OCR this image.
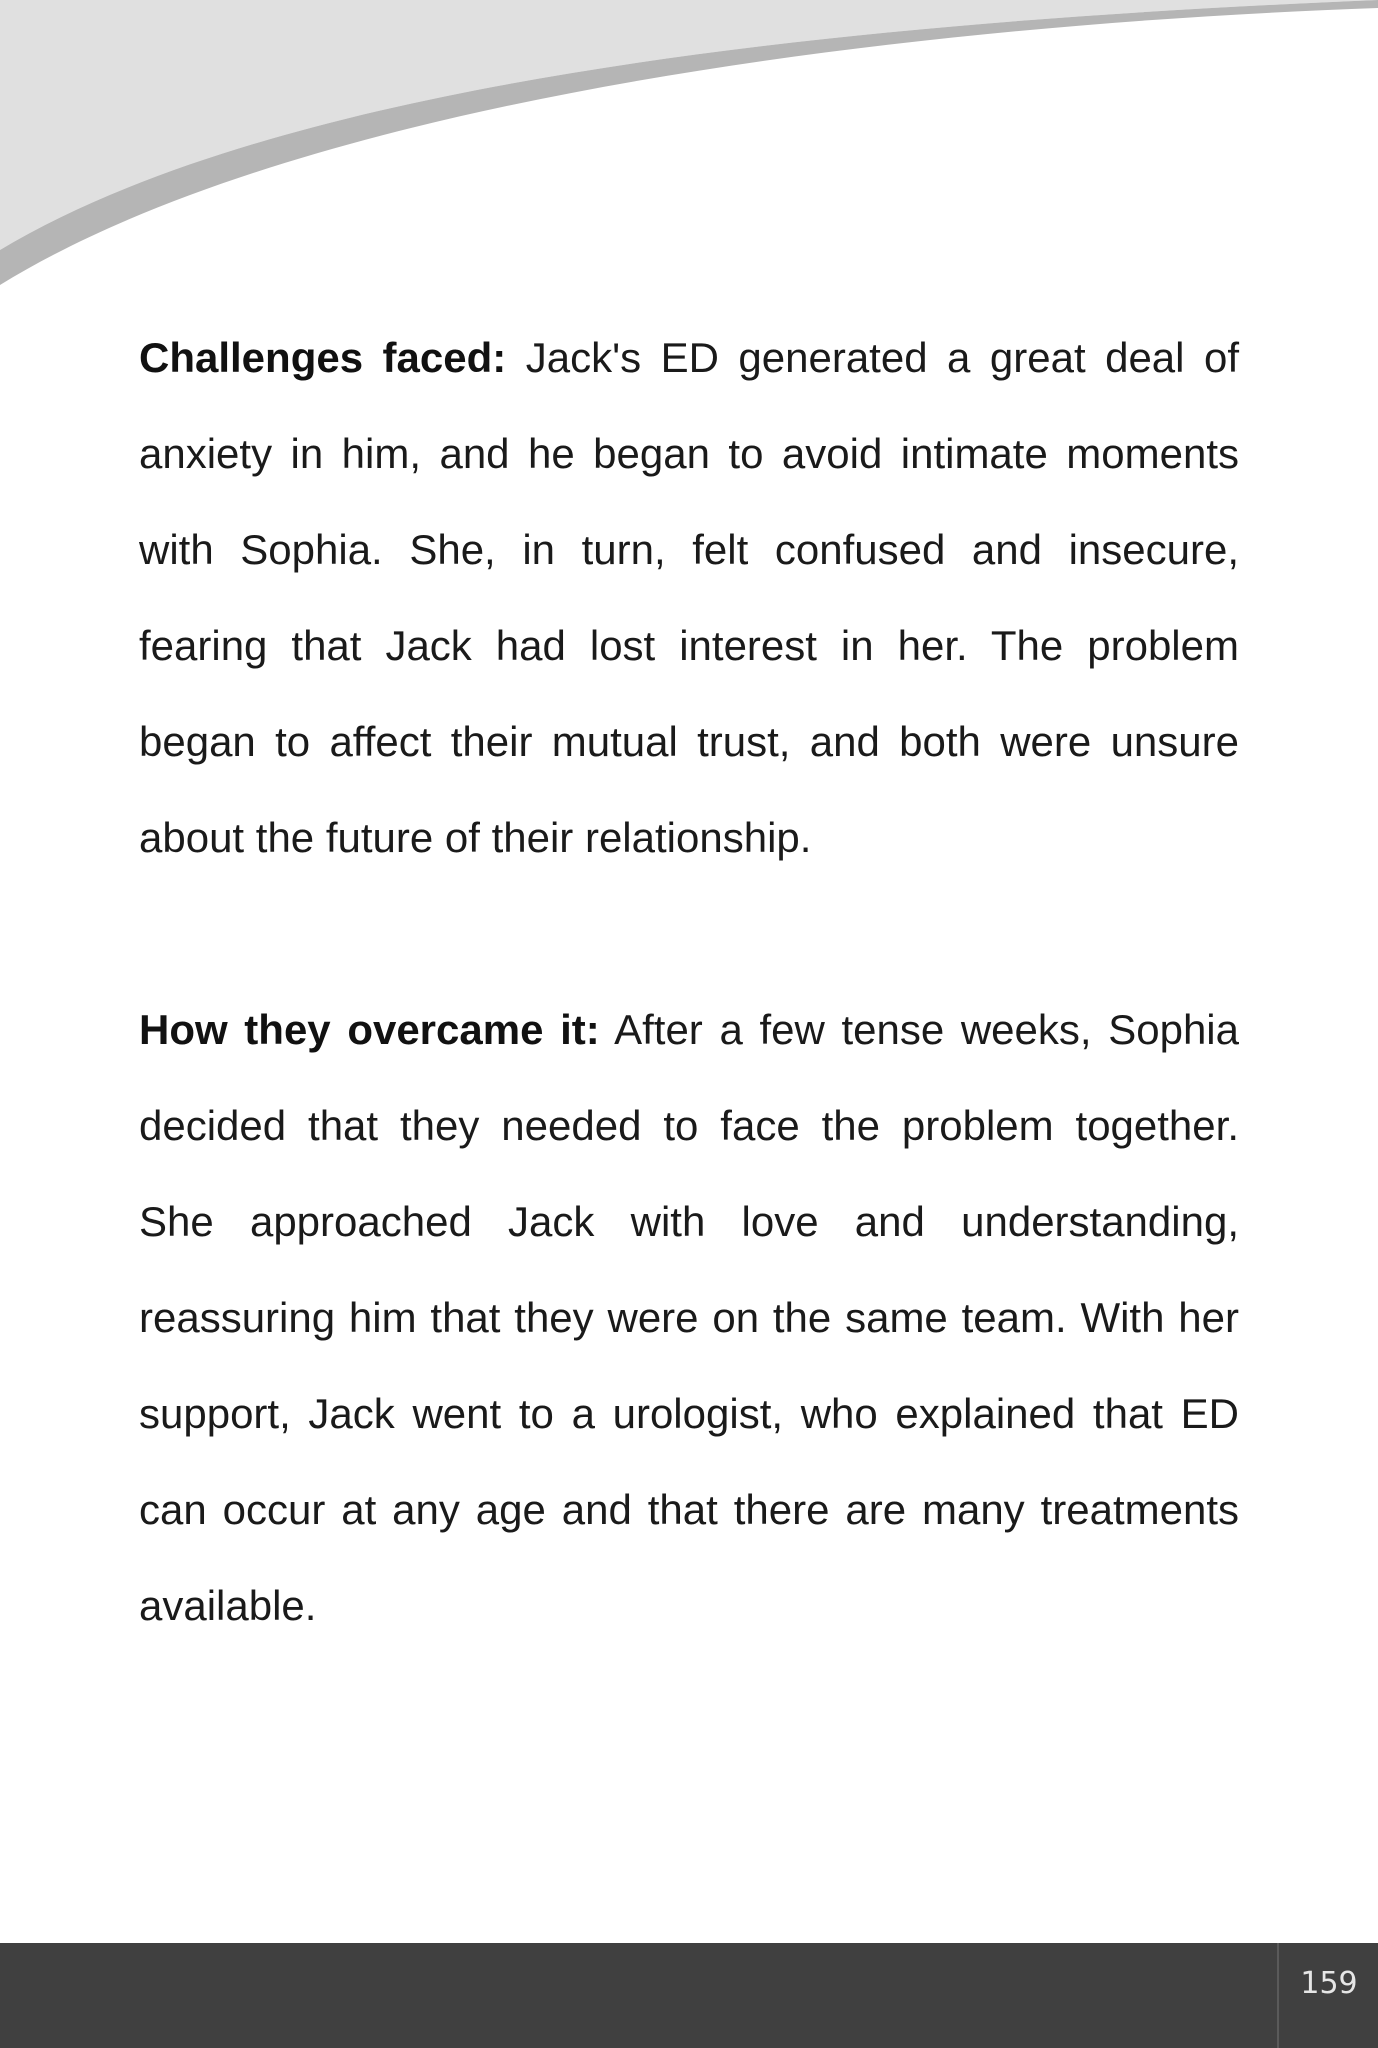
Challenges faced: Jack's ED generated a great deal of anxiety in him, and he began to avoid intimate moments with Sophia. She, in turn, felt confused and insecure, fearing that Jack had lost interest in her. The problem began to affect their mutual trust, and both were unsure about the future of their relationship.

How they overcame it: After a few tense weeks, Sophia decided that they needed to face the problem together. She approached Jack with love and understanding, reassuring him that they were on the same team. With her support, Jack went to a urologist, who explained that ED can occur at any age and that there are many treatments available.

159
